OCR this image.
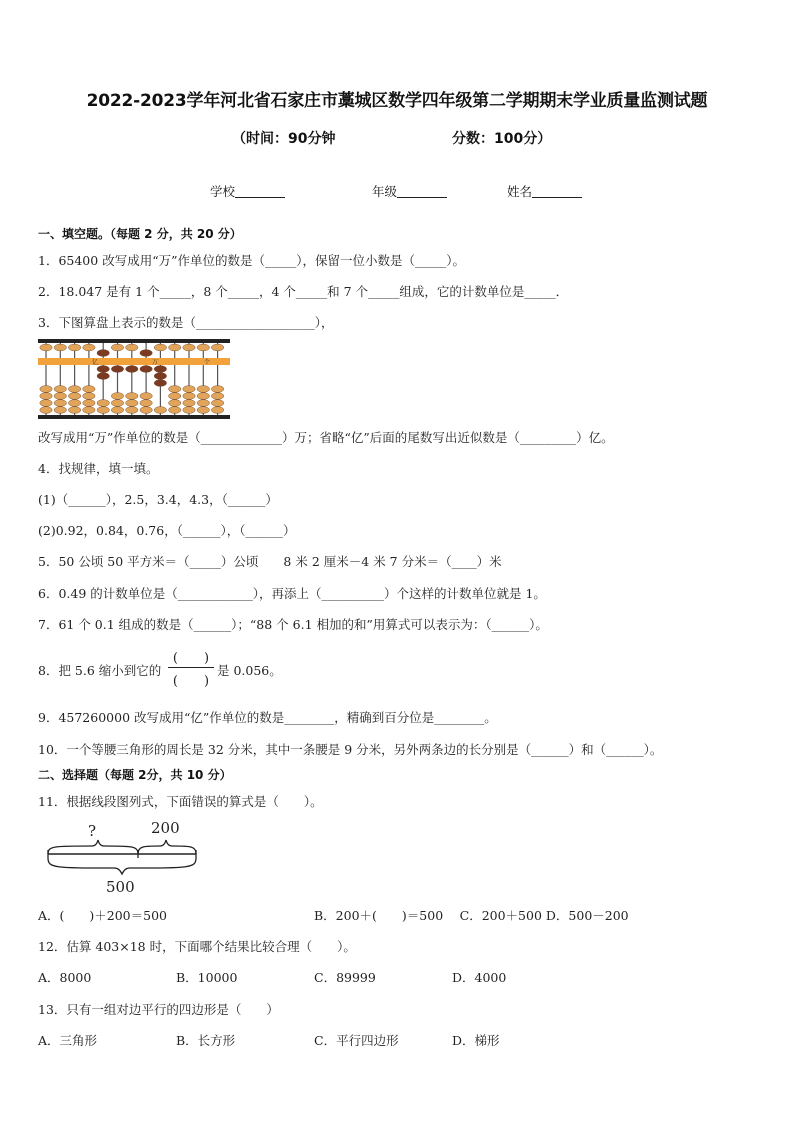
2022-2023学年河北省石家庄市藁城区数学四年级第二学期期末学业质量监测试题
（时间：90分钟	分数：100分）
学校	年级	姓名
一、填空题。（每题 2 分，共 20 分）
1．65400 改写成用“万”作单位的数是（_____），保留一位小数是（_____）。
2．18.047 是有 1 个_____，8 个_____，4 个_____和 7 个_____组成，它的计数单位是_____．
3．下图算盘上表示的数是（___________________），
亿	万	个
改写成用“万”作单位的数是（_____________）万；省略“亿”后面的尾数写出近似数是（_________）亿。
4．找规律，填一填。
(1)（______），2.5，3.4，4.3，（______）
(2)0.92，0.84，0.76，（______），（______）
5．50 公顷 50 平方米＝（_____）公顷　　8 米 2 厘米－4 米 7 分米＝（____）米
6．0.49 的计数单位是（____________），再添上（__________）个这样的计数单位就是 1。
7．61 个 0.1 组成的数是（______）；“88 个 6.1 相加的和”用算式可以表示为：（______）。
8．把 5.6 缩小到它的
(　　)
(　　)
是 0.056。
9．457260000 改写成用“亿”作单位的数是________，精确到百分位是________。
10．一个等腰三角形的周长是 32 分米，其中一条腰是 9 分米，另外两条边的长分别是（______）和（______）。
二、选择题（每题 2分，共 10 分）
11．根据线段图列式，下面错误的算式是（　　）。
?	200
500
A．(　　)＋200＝500	B．200＋(　　)＝500　 C．200＋500 D．500－200
12．估算 403×18 时，下面哪个结果比较合理（　　）。
A．8000	B．10000	C．89999	D．4000
13．只有一组对边平行的四边形是（　　）
A．三角形	B．长方形	C．平行四边形	D．梯形
